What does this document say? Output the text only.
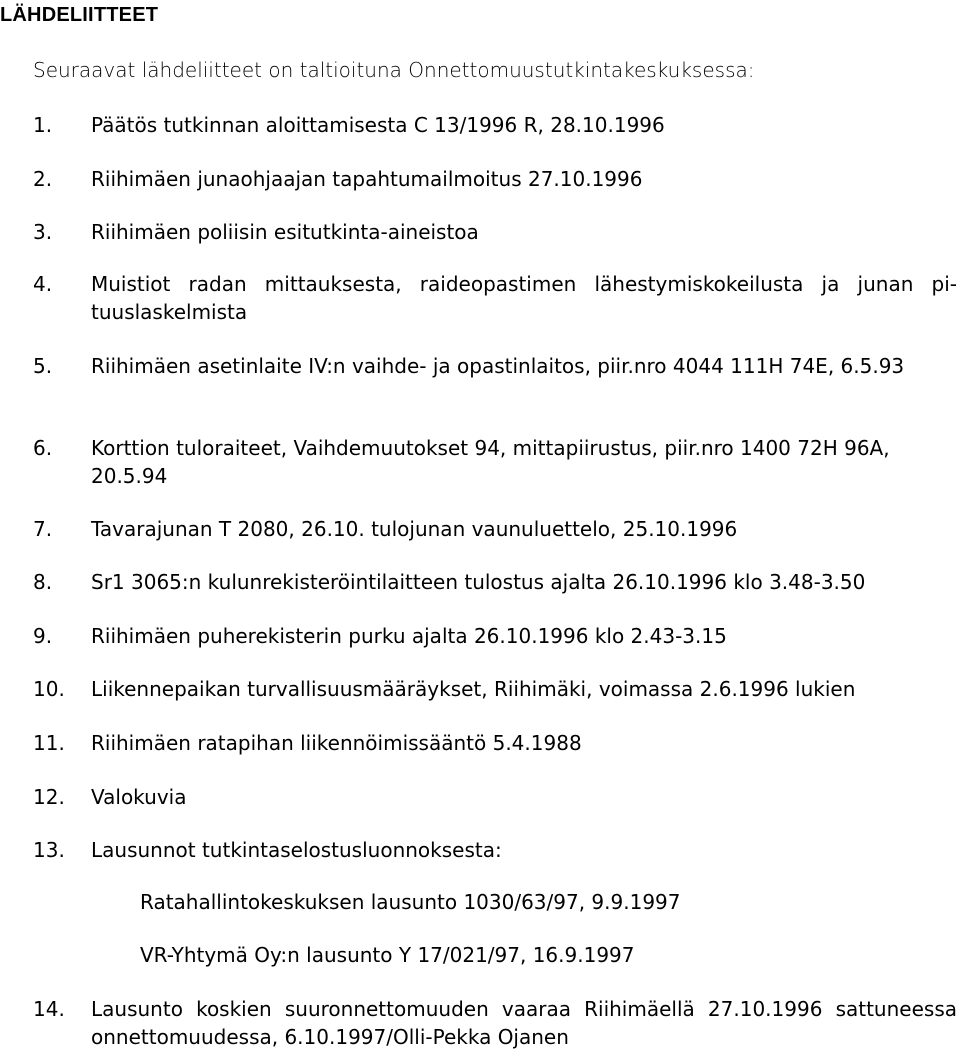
LÄHDELIITTEET

Seuraavat lähdeliitteet on taltioituna Onnettomuustutkintakeskuksessa:

1. Päätös tutkinnan aloittamisesta C 13/1996 R, 28.10.1996
2. Riihimäen junaohjaajan tapahtumailmoitus 27.10.1996
3. Riihimäen poliisin esitutkinta-aineistoa
4. Muistiot radan mittauksesta, raideopastimen lähestymiskokeilusta ja junan pituuslaskelmista
5. Riihimäen asetinlaite IV:n vaihde- ja opastinlaitos, piir.nro 4044 111H 74E, 6.5.93
6. Korttion tuloraiteet, Vaihdemuutokset 94, mittapiirustus, piir.nro 1400 72H 96A, 20.5.94
7. Tavarajunan T 2080, 26.10. tulojunan vaunuluettelo, 25.10.1996
8. Sr1 3065:n kulunrekisteröintilaitteen tulostus ajalta 26.10.1996 klo 3.48-3.50
9. Riihimäen puherekisterin purku ajalta 26.10.1996 klo 2.43-3.15
10. Liikennepaikan turvallisuusmääräykset, Riihimäki, voimassa 2.6.1996 lukien
11. Riihimäen ratapihan liikennöimissääntö 5.4.1988
12. Valokuvia
13. Lausunnot tutkintaselostusluonnoksesta:
14. Lausunto koskien suuronnettomuuden vaaraa Riihimäellä 27.10.1996 sattuneessa onnettomuudessa, 6.10.1997/Olli-Pekka Ojanen
Ratahallintokeskuksen lausunto 1030/63/97, 9.9.1997
VR-Yhtymä Oy:n lausunto Y 17/021/97, 16.9.1997
